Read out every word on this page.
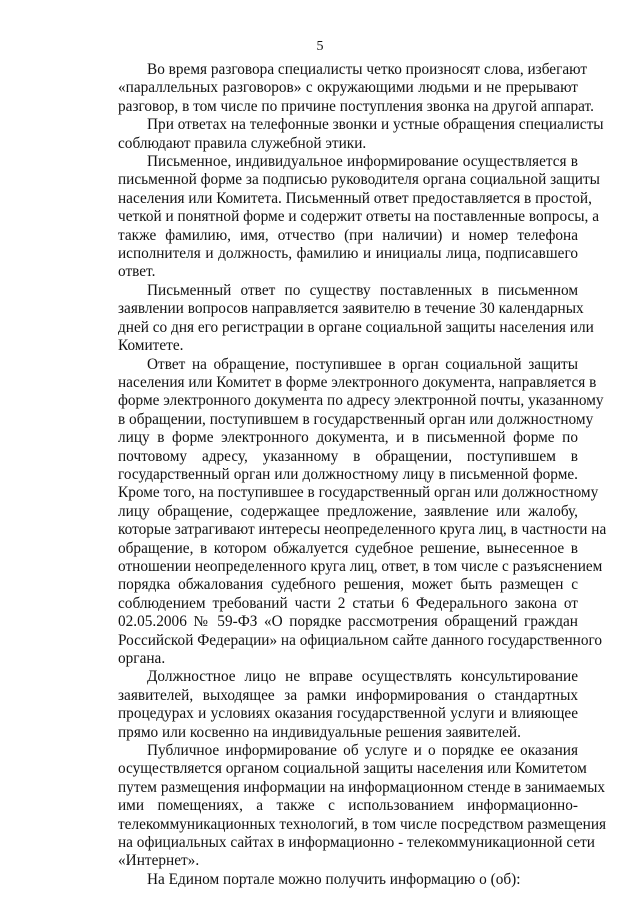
5
Во время разговора специалисты четко произносят слова, избегают
«параллельных разговоров» с окружающими людьми и не прерывают
разговор, в том числе по причине поступления звонка на другой аппарат.
При ответах на телефонные звонки и устные обращения специалисты
соблюдают правила служебной этики.
Письменное, индивидуальное информирование осуществляется в
письменной форме за подписью руководителя органа социальной защиты
населения или Комитета. Письменный ответ предоставляется в простой,
четкой и понятной форме и содержит ответы на поставленные вопросы, а
также фамилию, имя, отчество (при наличии) и номер телефона
исполнителя и должность, фамилию и инициалы лица, подписавшего
ответ.
Письменный ответ по существу поставленных в письменном
заявлении вопросов направляется заявителю в течение 30 календарных
дней со дня его регистрации в органе социальной защиты населения или
Комитете.
Ответ на обращение, поступившее в орган социальной защиты
населения или Комитет в форме электронного документа, направляется в
форме электронного документа по адресу электронной почты, указанному
в обращении, поступившем в государственный орган или должностному
лицу в форме электронного документа, и в письменной форме по
почтовому адресу, указанному в обращении, поступившем в
государственный орган или должностному лицу в письменной форме.
Кроме того, на поступившее в государственный орган или должностному
лицу обращение, содержащее предложение, заявление или жалобу,
которые затрагивают интересы неопределенного круга лиц, в частности на
обращение, в котором обжалуется судебное решение, вынесенное в
отношении неопределенного круга лиц, ответ, в том числе с разъяснением
порядка обжалования судебного решения, может быть размещен с
соблюдением требований части 2 статьи 6 Федерального закона от
02.05.2006 № 59-ФЗ «О порядке рассмотрения обращений граждан
Российской Федерации» на официальном сайте данного государственного
органа.
Должностное лицо не вправе осуществлять консультирование
заявителей, выходящее за рамки информирования о стандартных
процедурах и условиях оказания государственной услуги и влияющее
прямо или косвенно на индивидуальные решения заявителей.
Публичное информирование об услуге и о порядке ее оказания
осуществляется органом социальной защиты населения или Комитетом
путем размещения информации на информационном стенде в занимаемых
ими помещениях, а также с использованием информационно-
телекоммуникационных технологий, в том числе посредством размещения
на официальных сайтах в информационно - телекоммуникационной сети
«Интернет».
На Едином портале можно получить информацию о (об):
